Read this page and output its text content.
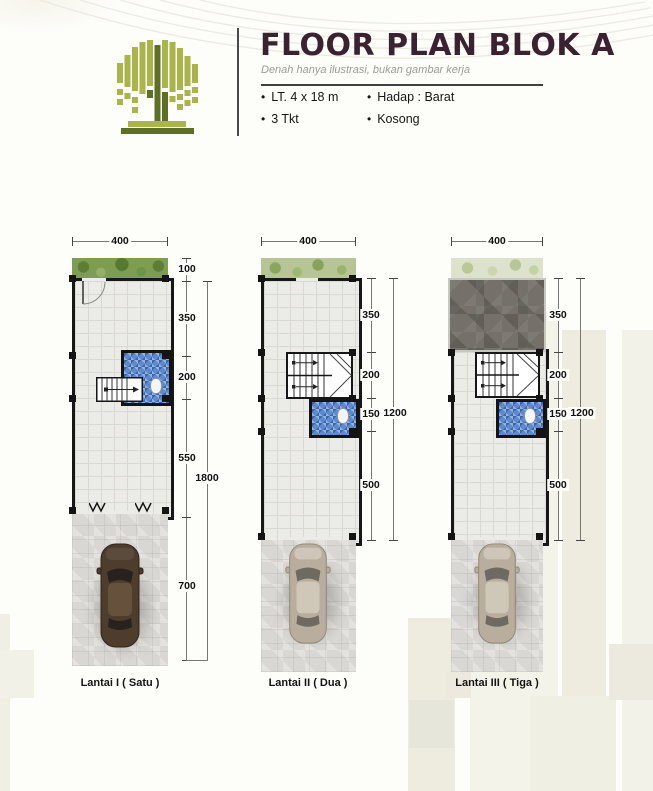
FLOOR PLAN BLOK A
Denah hanya ilustrasi, bukan gambar kerja
• LT. 4 x 18 m
• 3 Tkt
• Hadap : Barat
• Kosong
400
100
350
200
550
700
1800
Lantai I ( Satu )
400
350
200
150
500
1200
Lantai II ( Dua )
400
350
200
150
500
1200
Lantai III ( Tiga )
